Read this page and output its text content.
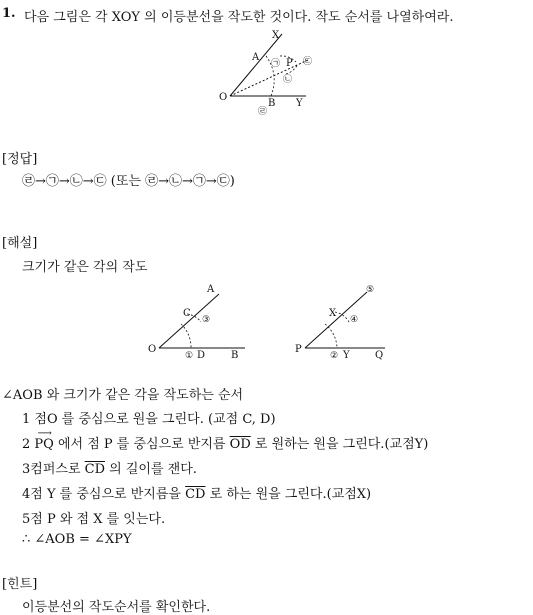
1. 다음 그림은 각 XOY 의 이등분선을 작도한 것이다. 작도 순서를 나열하여라.
X
A
P
O
B Y
㉠	㉢
㉡
㉣
[정답]
㉣→㉠→㉡→㉢ (또는 ㉣→㉡→㉠→㉢)
[해설]
크기가 같은 각의 작도
A
C
③
O
① D	B
⑤
X
④
P
② Y	Q
∠AOB 와 크기가 같은 각을 작도하는 순서
1 점O 를 중심으로 원을 그린다. (교점 C, D)
2
⟶
PQ 에서 점 P 를 중심으로 반지름 $\overline{OD}$ 로 원하는 원을 그린다.(교점Y)
3컴퍼스로 $\overline{CD}$ 의 길이를 잰다.
4점 Y 를 중심으로 반지름을 $\overline{CD}$ 로 하는 원을 그린다.(교점X)
5점 P 와 점 X 를 잇는다.
∴ ∠AOB = ∠XPY
[힌트]
이등분선의 작도순서를 확인한다.
